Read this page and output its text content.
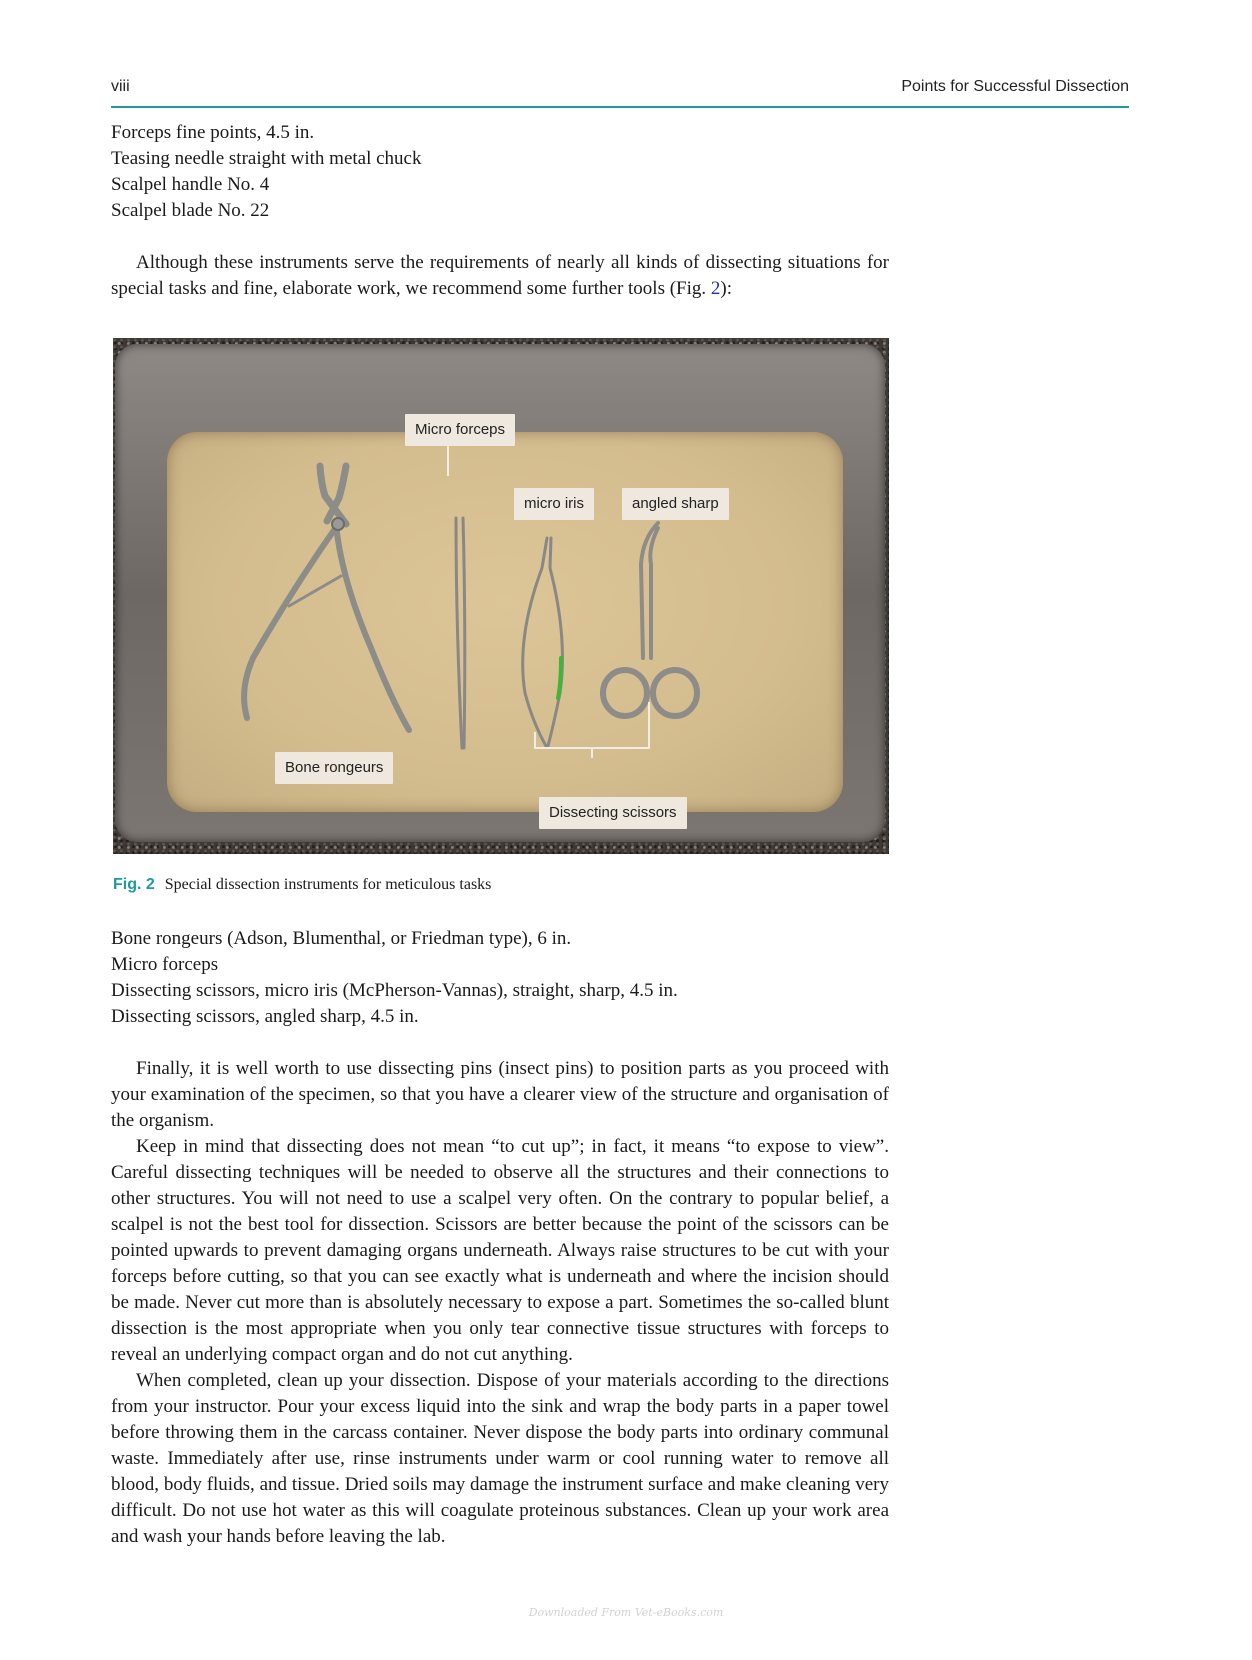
viii	Points for Successful Dissection
Forceps fine points, 4.5 in.
Teasing needle straight with metal chuck
Scalpel handle No. 4
Scalpel blade No. 22

Although these instruments serve the requirements of nearly all kinds of dissecting situations for special tasks and fine, elaborate work, we recommend some further tools (Fig. 2):

Micro forceps
micro iris	angled sharp
Bone rongeurs
Dissecting scissors
Fig. 2 Special dissection instruments for meticulous tasks
Bone rongeurs (Adson, Blumenthal, or Friedman type), 6 in.
Micro forceps
Dissecting scissors, micro iris (McPherson-Vannas), straight, sharp, 4.5 in.
Dissecting scissors, angled sharp, 4.5 in.

Finally, it is well worth to use dissecting pins (insect pins) to position parts as you proceed with your examination of the specimen, so that you have a clearer view of the structure and organisation of the organism.

Keep in mind that dissecting does not mean “to cut up”; in fact, it means “to expose to view”. Careful dissecting techniques will be needed to observe all the structures and their connections to other structures. You will not need to use a scalpel very often. On the contrary to popular belief, a scalpel is not the best tool for dissection. Scissors are better because the point of the scissors can be pointed upwards to prevent damaging organs underneath. Always raise structures to be cut with your forceps before cutting, so that you can see exactly what is underneath and where the incision should be made. Never cut more than is absolutely necessary to expose a part. Sometimes the so-called blunt dissection is the most appropriate when you only tear connective tissue structures with forceps to reveal an underlying compact organ and do not cut anything.

When completed, clean up your dissection. Dispose of your materials according to the directions from your instructor. Pour your excess liquid into the sink and wrap the body parts in a paper towel before throwing them in the carcass container. Never dispose the body parts into ordinary communal waste. Immediately after use, rinse instruments under warm or cool running water to remove all blood, body fluids, and tissue. Dried soils may damage the instrument surface and make cleaning very difficult. Do not use hot water as this will coagulate proteinous substances. Clean up your work area and wash your hands before leaving the lab.

Downloaded From Vet-eBooks.com
